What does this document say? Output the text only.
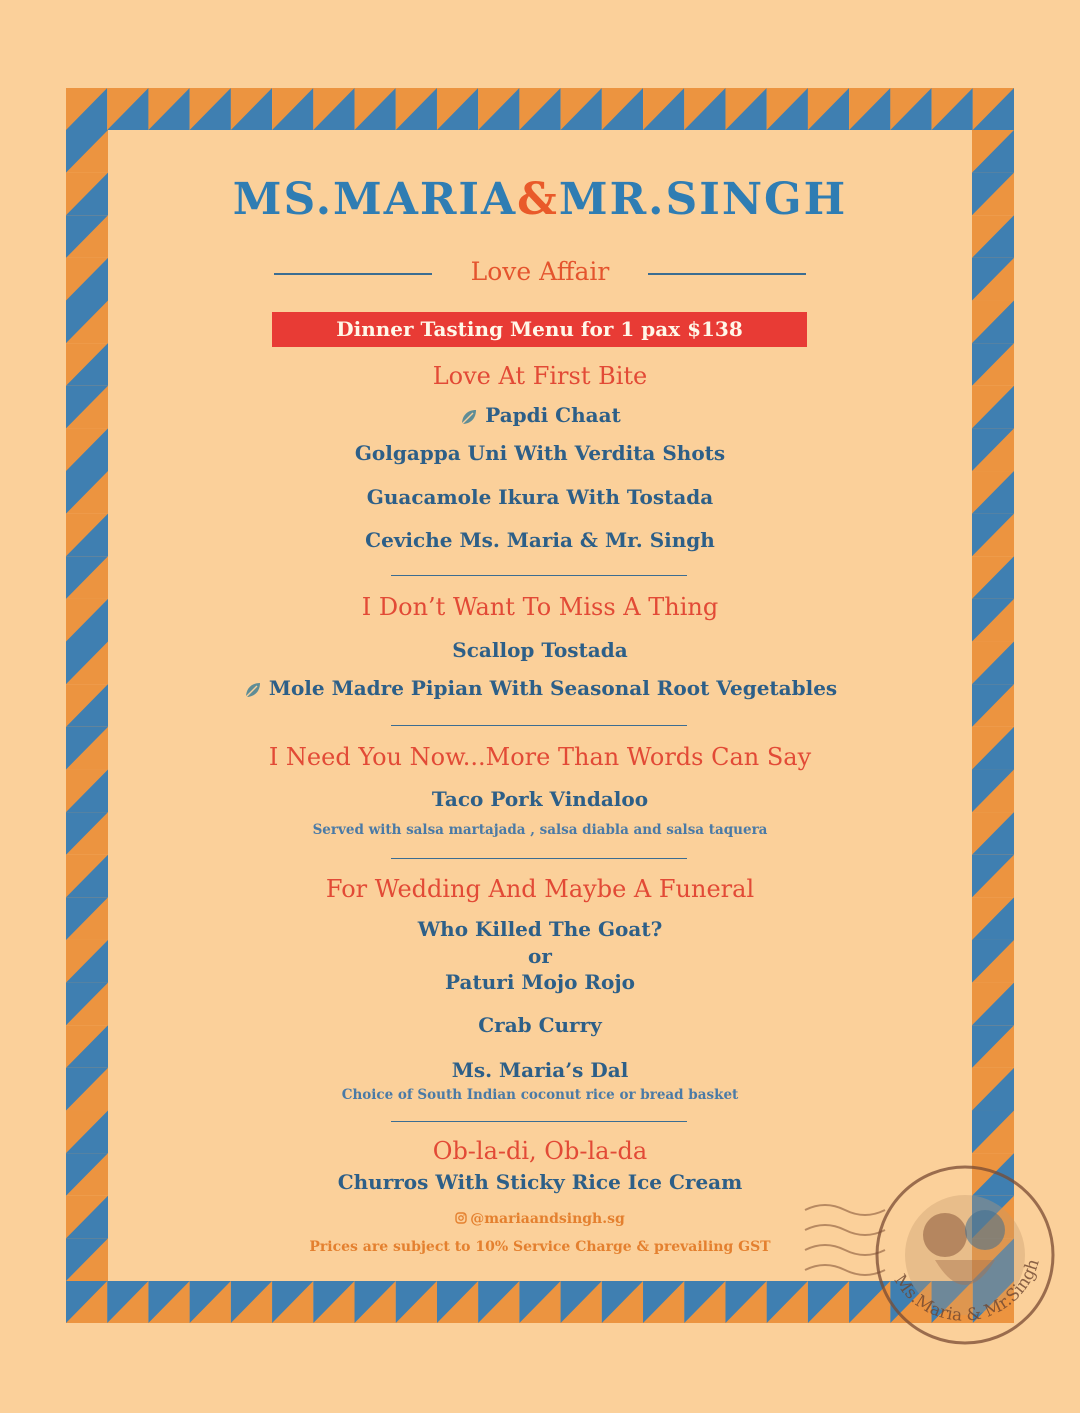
MS.MARIA&MR.SINGH
Love Affair
Dinner Tasting Menu for 1 pax $138
Love At First Bite
Papdi Chaat
Golgappa Uni With Verdita Shots
Guacamole Ikura With Tostada
Ceviche Ms. Maria & Mr. Singh
I Don’t Want To Miss A Thing
Scallop Tostada
Mole Madre Pipian With Seasonal Root Vegetables
I Need You Now...More Than Words Can Say
Taco Pork Vindaloo
Served with salsa martajada , salsa diabla and salsa taquera
For Wedding And Maybe A Funeral
Who Killed The Goat?
or
Paturi Mojo Rojo
Crab Curry
Ms. Maria’s Dal
Choice of South Indian coconut rice or bread basket
Ob-la-di, Ob-la-da
Churros With Sticky Rice Ice Cream
@mariaandsingh.sg
Prices are subject to 10% Service Charge & prevailing GST
Ms.Maria & Mr.Singh
